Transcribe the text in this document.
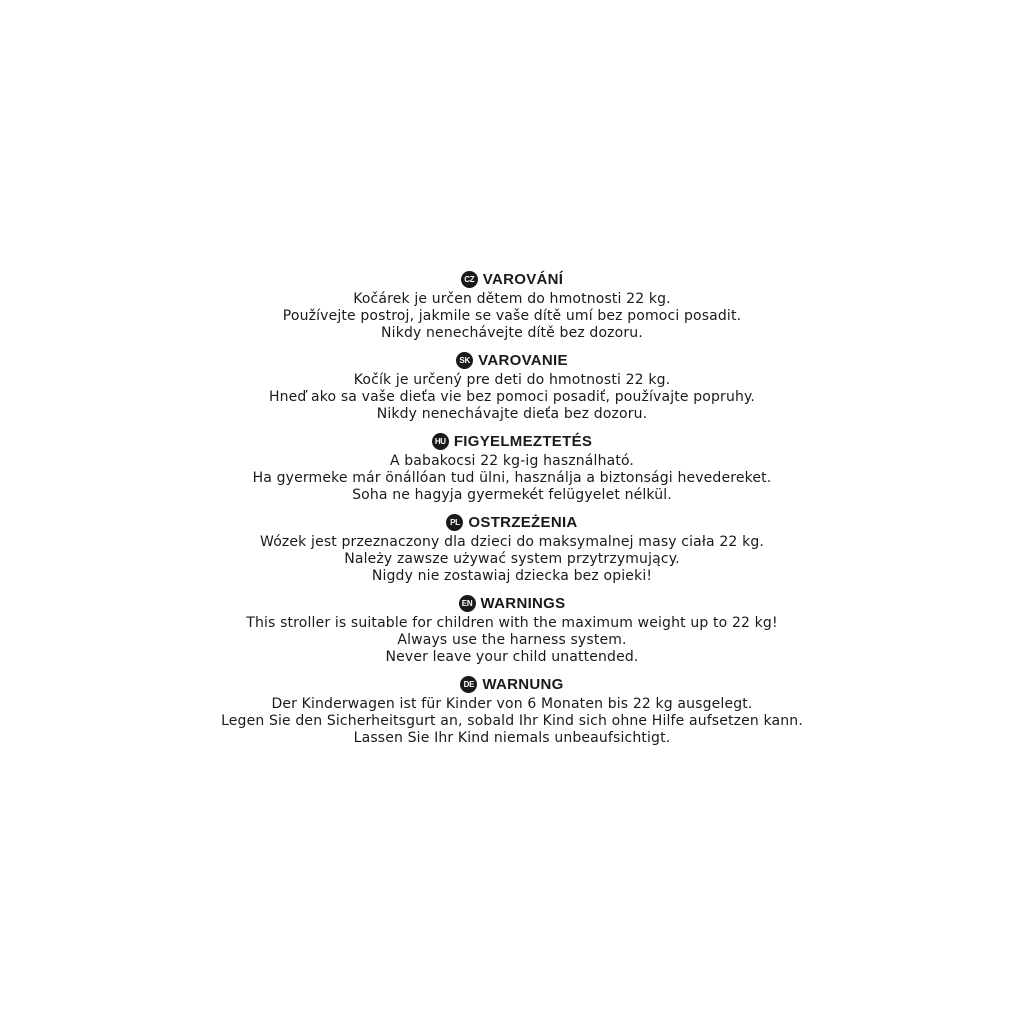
CZ VAROVÁNÍ
Kočárek je určen dětem do hmotnosti 22 kg.
Používejte postroj, jakmile se vaše dítě umí bez pomoci posadit.
Nikdy nenechávejte dítě bez dozoru.
SK VAROVANIE
Kočík je určený pre deti do hmotnosti 22 kg.
Hneď ako sa vaše dieťa vie bez pomoci posadiť, používajte popruhy.
Nikdy nenechávajte dieťa bez dozoru.
HU FIGYELMEZTETÉS
A babakocsi 22 kg-ig használható.
Ha gyermeke már önállóan tud ülni, használja a biztonsági hevedereket.
Soha ne hagyja gyermekét felügyelet nélkül.
PL OSTRZEŻENIA
Wózek jest przeznaczony dla dzieci do maksymalnej masy ciała 22 kg.
Należy zawsze używać system przytrzymujący.
Nigdy nie zostawiaj dziecka bez opieki!
EN WARNINGS
This stroller is suitable for children with the maximum weight up to 22 kg!
Always use the harness system.
Never leave your child unattended.
DE WARNUNG
Der Kinderwagen ist für Kinder von 6 Monaten bis 22 kg ausgelegt.
Legen Sie den Sicherheitsgurt an, sobald Ihr Kind sich ohne Hilfe aufsetzen kann.
Lassen Sie Ihr Kind niemals unbeaufsichtigt.
